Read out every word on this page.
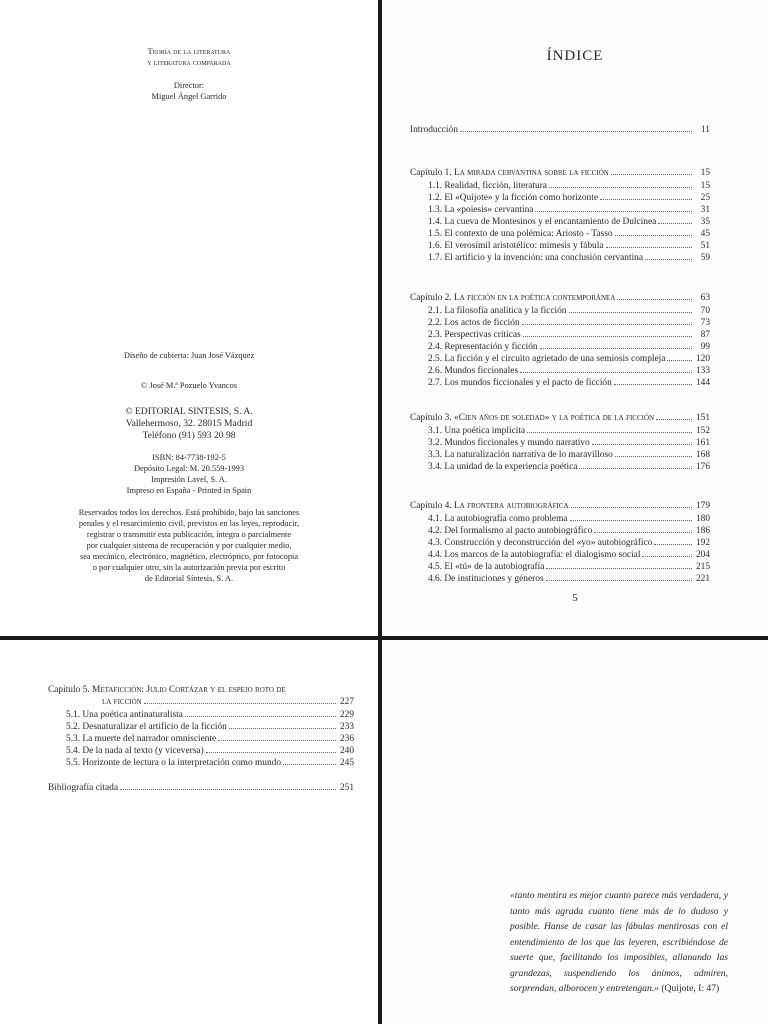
Teoría de la literatura
y literatura comparada
Director:
Miguel Ángel Garrido
Diseño de cubierta: Juan José Vázquez
© José M.ª Pozuelo Yvancos
© EDITORIAL SINTESIS, S. A.
Vallehermoso, 32. 28015 Madrid
Teléfono (91) 593 20 98
ISBN: 84-7738-192-5
Depósito Legal: M. 20.559-1993
Impresión Lavel, S. A.
Impreso en España - Printed in Spain
Reservados todos los derechos. Está prohibido, bajo las sanciones
penales y el resarcimiento civil, previstos en las leyes, reproducir,
registrar o transmitir esta publicación, íntegra o parcialmente
por cualquier sistema de recuperación y por cualquier medio,
sea mecánico, electrónico, magnético, electróptico, por fotocopia
o por cualquier otro, sin la autorización previa por escrito
de Editorial Síntesis, S. A.
ÍNDICE
Introducción	11
Capítulo 1.
La mirada cervantina sobre la ficción	15
1.1.
Realidad, ficción, literatura	15
1.2.
El «Quijote» y la ficción como horizonte	25
1.3.
La «poiesis» cervantina	31
1.4.
La cueva de Montesinos y el encantamiento de Dulcinea	35
1.5.
El contexto de una polémica: Ariosto - Tasso	45
1.6.
El verosímil aristotélico: mimesis y fábula	51
1.7.
El artificio y la invención: una conclusión cervantina	59
Capítulo 2.
La ficción en la poética contemporánea	63
2.1.
La filosofía analítica y la ficción	70
2.2.
Los actos de ficción	73
2.3.
Perspectivas críticas	87
2.4.
Representación y ficción	99
2.5.
La ficción y el circuito agrietado de una semiosis compleja	120
2.6.
Mundos ficcionales	133
2.7.
Los mundos ficcionales y el pacto de ficción	144
Capítulo 3.
«Cien años de soledad» y la poética de la ficción	151
3.1.
Una poética implícita	152
3.2.
Mundos ficcionales y mundo narrativo	161
3.3.
La naturalización narrativa de lo maravilloso	168
3.4.
La unidad de la experiencia poética	176
Capítulo 4.
La frontera autobiográfica	179
4.1.
La autobiografía como problema	180
4.2.
Del formalismo al pacto autobiográfico	186
4.3.
Construcción y deconstrucción del «yo» autobiográfico	192
4.4.
Los marcos de la autobiografía: el dialogismo social	204
4.5.
El «tú» de la autobiografía	215
4.6.
De instituciones y géneros	221
5
Capítulo 5.
Metaficción: Julio Cortázar y el espejo roto de
la ficción	227
5.1.
Una poética antinaturalista	229
5.2.
Desnaturalizar el artificio de la ficción	233
5.3.
La muerte del narrador omnisciente	236
5.4.
De la nada al texto (y viceversa)	240
5.5.
Horizonte de lectura o la interpretación como mundo	245
Bibliografía citada	251
«tanto mentira es mejor cuanto parece más verdadera, y tanto más agrada cuanto tiene más de lo dudoso y posible. Hanse de casar las fábulas mentirosas con el entendimiento de los que las leyeren, escribiéndose de suerte que, facilitando los imposibles, allanando las grandezas, suspendiendo los ánimos, admiren, sorprendan, alborocen y entretengan.» (Quijote, I: 47)
